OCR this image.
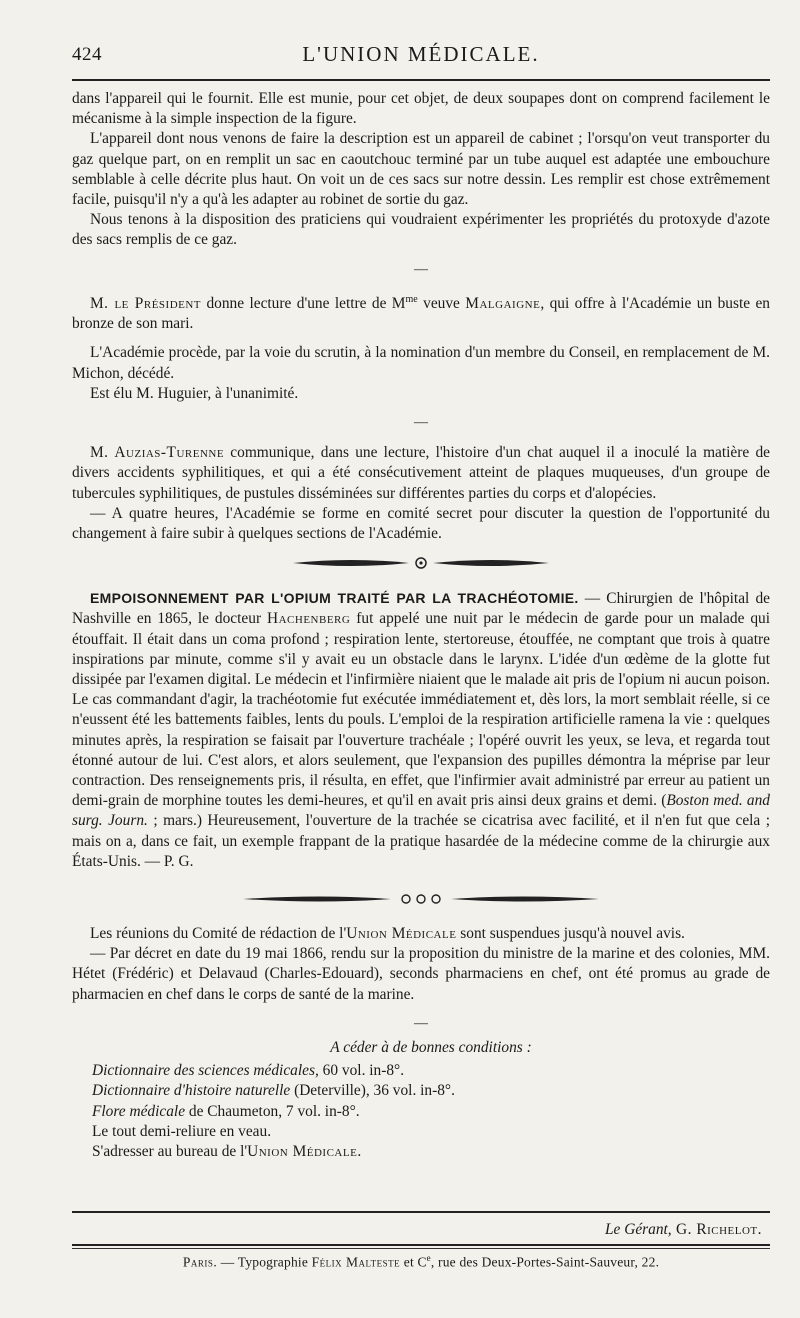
424	L'UNION MÉDICALE.

dans l'appareil qui le fournit. Elle est munie, pour cet objet, de deux soupapes dont on comprend facilement le mécanisme à la simple inspection de la figure.

L'appareil dont nous venons de faire la description est un appareil de cabinet ; l'orsqu'on veut transporter du gaz quelque part, on en remplit un sac en caoutchouc terminé par un tube auquel est adaptée une embouchure semblable à celle décrite plus haut. On voit un de ces sacs sur notre dessin. Les remplir est chose extrêmement facile, puisqu'il n'y a qu'à les adapter au robinet de sortie du gaz.

Nous tenons à la disposition des praticiens qui voudraient expérimenter les propriétés du protoxyde d'azote des sacs remplis de ce gaz.

—

M. le Président donne lecture d'une lettre de $M^{me}$ veuve Malgaigne, qui offre à l'Académie un buste en bronze de son mari.

L'Académie procède, par la voie du scrutin, à la nomination d'un membre du Conseil, en remplacement de M. Michon, décédé.

Est élu M. Huguier, à l'unanimité.

—

M. Auzias-Turenne communique, dans une lecture, l'histoire d'un chat auquel il a inoculé la matière de divers accidents syphilitiques, et qui a été consécutivement atteint de plaques muqueuses, d'un groupe de tubercules syphilitiques, de pustules disséminées sur différentes parties du corps et d'alopécies.

— A quatre heures, l'Académie se forme en comité secret pour discuter la question de l'opportunité du changement à faire subir à quelques sections de l'Académie.

EMPOISONNEMENT PAR L'OPIUM TRAITÉ PAR LA TRACHÉOTOMIE. — Chirurgien de l'hôpital de Nashville en 1865, le docteur Hachenberg fut appelé une nuit par le médecin de garde pour un malade qui étouffait. Il était dans un coma profond ; respiration lente, stertoreuse, étouffée, ne comptant que trois à quatre inspirations par minute, comme s'il y avait eu un obstacle dans le larynx. L'idée d'un œdème de la glotte fut dissipée par l'examen digital. Le médecin et l'infirmière niaient que le malade ait pris de l'opium ni aucun poison. Le cas commandant d'agir, la trachéotomie fut exécutée immédiatement et, dès lors, la mort semblait réelle, si ce n'eussent été les battements faibles, lents du pouls. L'emploi de la respiration artificielle ramena la vie : quelques minutes après, la respiration se faisait par l'ouverture trachéale ; l'opéré ouvrit les yeux, se leva, et regarda tout étonné autour de lui. C'est alors, et alors seulement, que l'expansion des pupilles démontra la méprise par leur contraction. Des renseignements pris, il résulta, en effet, que l'infirmier avait administré par erreur au patient un demi-grain de morphine toutes les demi-heures, et qu'il en avait pris ainsi deux grains et demi. (Boston med. and surg. Journ. ; mars.) Heureusement, l'ouverture de la trachée se cicatrisa avec facilité, et il n'en fut que cela ; mais on a, dans ce fait, un exemple frappant de la pratique hasardée de la médecine comme de la chirurgie aux États-Unis. — P. G.

Les réunions du Comité de rédaction de l'Union Médicale sont suspendues jusqu'à nouvel avis.

— Par décret en date du 19 mai 1866, rendu sur la proposition du ministre de la marine et des colonies, MM. Hétet (Frédéric) et Delavaud (Charles-Edouard), seconds pharmaciens en chef, ont été promus au grade de pharmacien en chef dans le corps de santé de la marine.

—
A céder à de bonnes conditions :
Dictionnaire des sciences médicales, 60 vol. in-8°.
Dictionnaire d'histoire naturelle (Deterville), 36 vol. in-8°.
Flore médicale de Chaumeton, 7 vol. in-8°.
Le tout demi-reliure en veau.
S'adresser au bureau de l'Union Médicale.
Le Gérant, G. Richelot.
Paris. — Typographie Félix Malteste et Ce, rue des Deux-Portes-Saint-Sauveur, 22.
